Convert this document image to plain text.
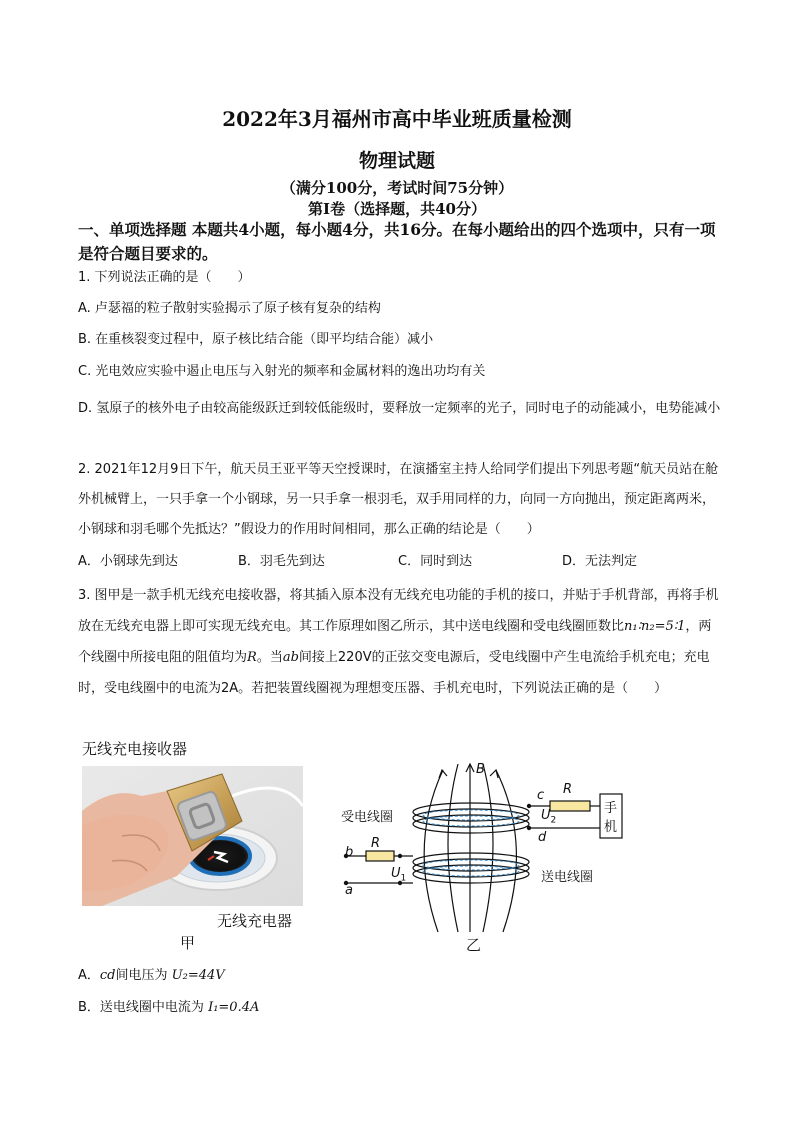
2022年3月福州市高中毕业班质量检测
物理试题
（满分100分，考试时间75分钟）
第Ⅰ卷（选择题，共40分）
一、单项选择题 本题共4小题，每小题4分，共16分。在每小题给出的四个选项中，只有一项是符合题目要求的。
1. 下列说法正确的是（　　）
A. 卢瑟福的粒子散射实验揭示了原子核有复杂的结构
B. 在重核裂变过程中，原子核比结合能（即平均结合能）减小
C. 光电效应实验中遏止电压与入射光的频率和金属材料的逸出功均有关
D. 氢原子的核外电子由较高能级跃迁到较低能级时，要释放一定频率的光子，同时电子的动能减小，电势能减小
2. 2021年12月9日下午，航天员王亚平等天空授课时，在演播室主持人给同学们提出下列思考题“航天员站在舱外机械臂上，一只手拿一个小钢球，另一只手拿一根羽毛，双手用同样的力，向同一方向抛出，预定距离两米，小钢球和羽毛哪个先抵达？”假设力的作用时间相同，那么正确的结论是（　　）
A．小钢球先到达	B．羽毛先到达	C．同时到达	D．无法判定
3. 图甲是一款手机无线充电接收器，将其插入原本没有无线充电功能的手机的接口，并贴于手机背部，再将手机放在无线充电器上即可实现无线充电。其工作原理如图乙所示，其中送电线圈和受电线圈匝数比n₁∶n₂=5∶1，两个线圈中所接电阻的阻值均为R。当ab间接上220V的正弦交变电源后，受电线圈中产生电流给手机充电；充电时，受电线圈中的电流为2A。若把装置线圈视为理想变压器、手机充电时，下列说法正确的是（　　）
无线充电接收器
无线充电器
甲
B
受电线圈
送电线圈
R
R
手
机
c
d
b
a
$U_2$
$U_1$
乙
A．cd间电压为 U₂=44V
B．送电线圈中电流为 I₁=0.4A
